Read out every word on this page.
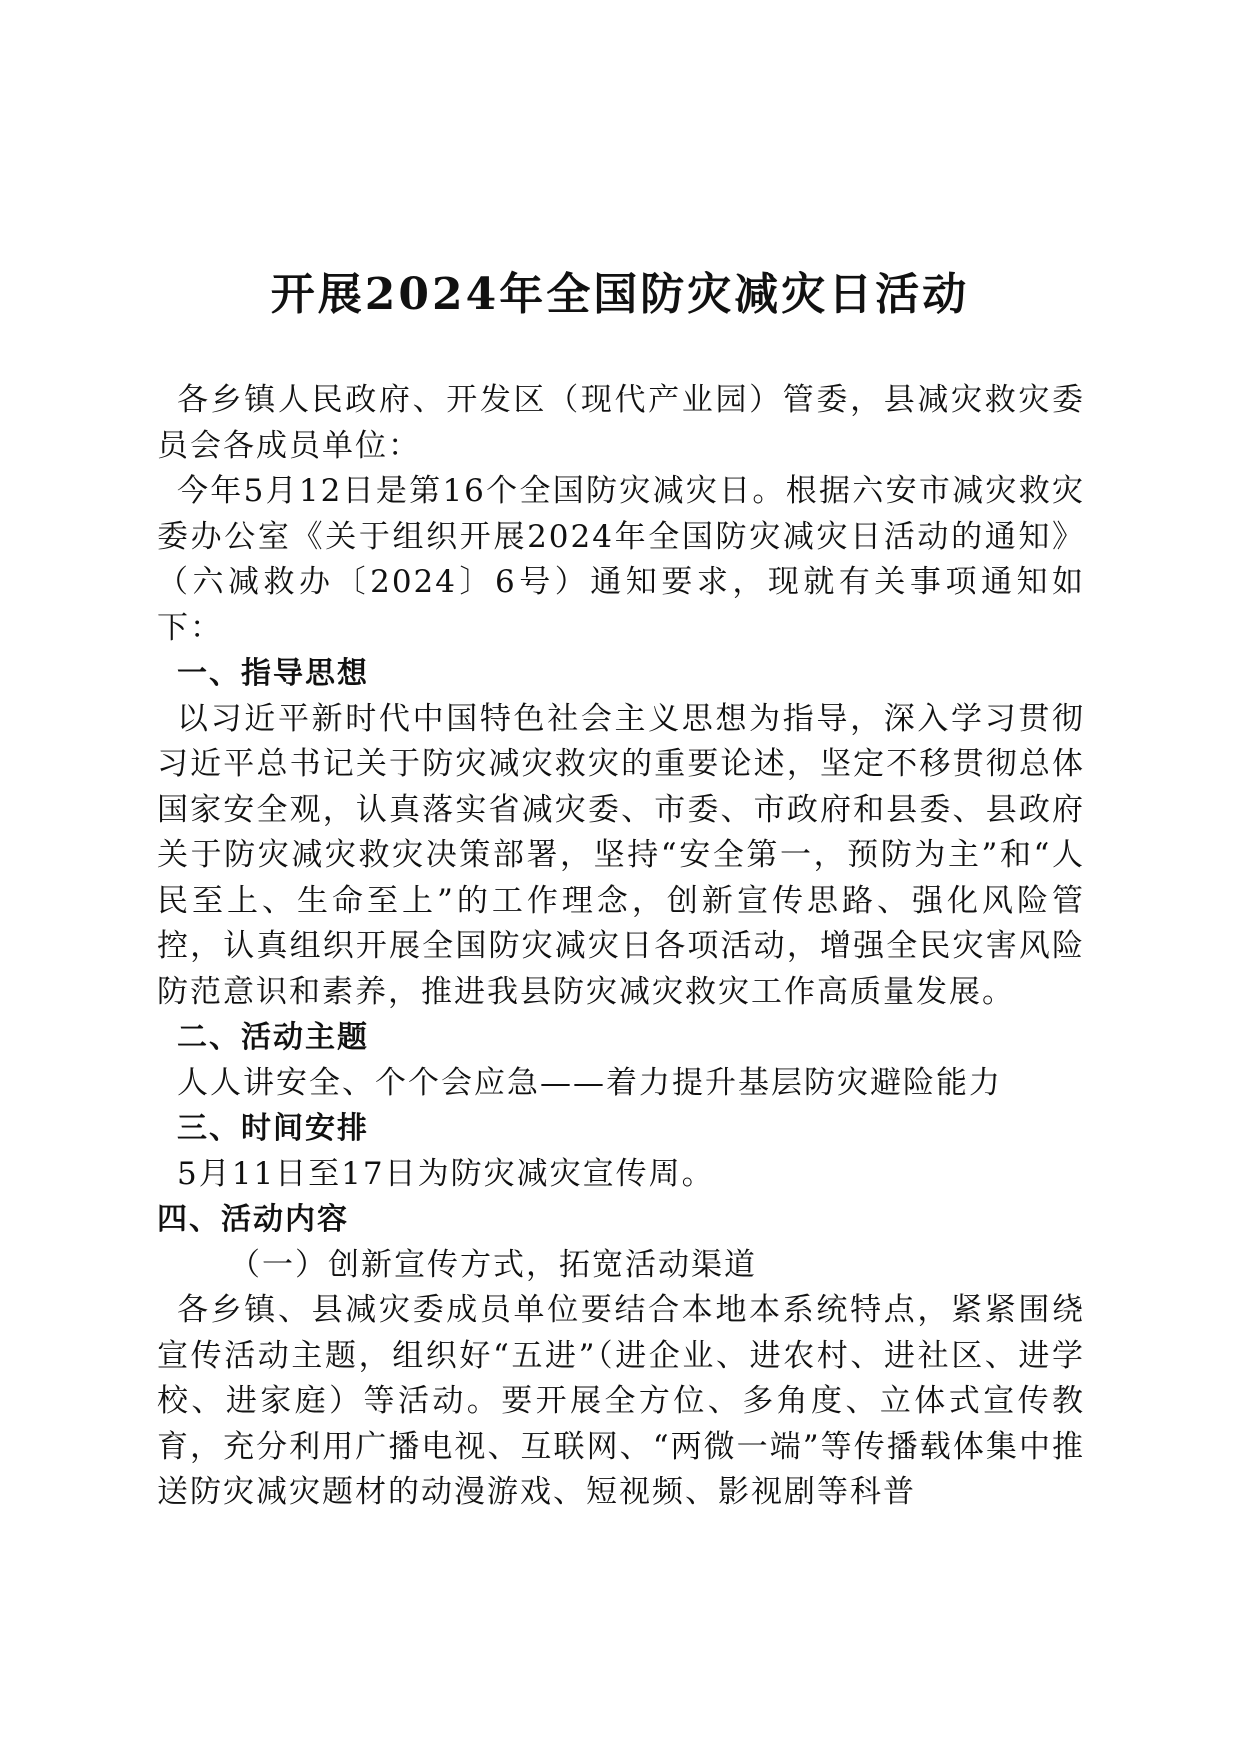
开展2024年全国防灾减灾日活动

各乡镇人民政府、开发区（现代产业园）管委，县减灾救灾委员会各成员单位：

今年5月12日是第16个全国防灾减灾日。根据六安市减灾救灾委办公室《关于组织开展2024年全国防灾减灾日活动的通知》（六减救办〔2024〕6号）通知要求，现就有关事项通知如下：

一、指导思想

以习近平新时代中国特色社会主义思想为指导，深入学习贯彻习近平总书记关于防灾减灾救灾的重要论述，坚定不移贯彻总体国家安全观，认真落实省减灾委、市委、市政府和县委、县政府关于防灾减灾救灾决策部署，坚持“安全第一，预防为主”和“人民至上、生命至上”的工作理念，创新宣传思路、强化风险管控，认真组织开展全国防灾减灾日各项活动，增强全民灾害风险防范意识和素养，推进我县防灾减灾救灾工作高质量发展。

二、活动主题

人人讲安全、个个会应急——着力提升基层防灾避险能力

三、时间安排

5月11日至17日为防灾减灾宣传周。

四、活动内容

（一）创新宣传方式，拓宽活动渠道

各乡镇、县减灾委成员单位要结合本地本系统特点，紧紧围绕宣传活动主题，组织好“五进”（进企业、进农村、进社区、进学校、进家庭）等活动。要开展全方位、多角度、立体式宣传教育，充分利用广播电视、互联网、“两微一端”等传播载体集中推送防灾减灾题材的动漫游戏、短视频、影视剧等科普
